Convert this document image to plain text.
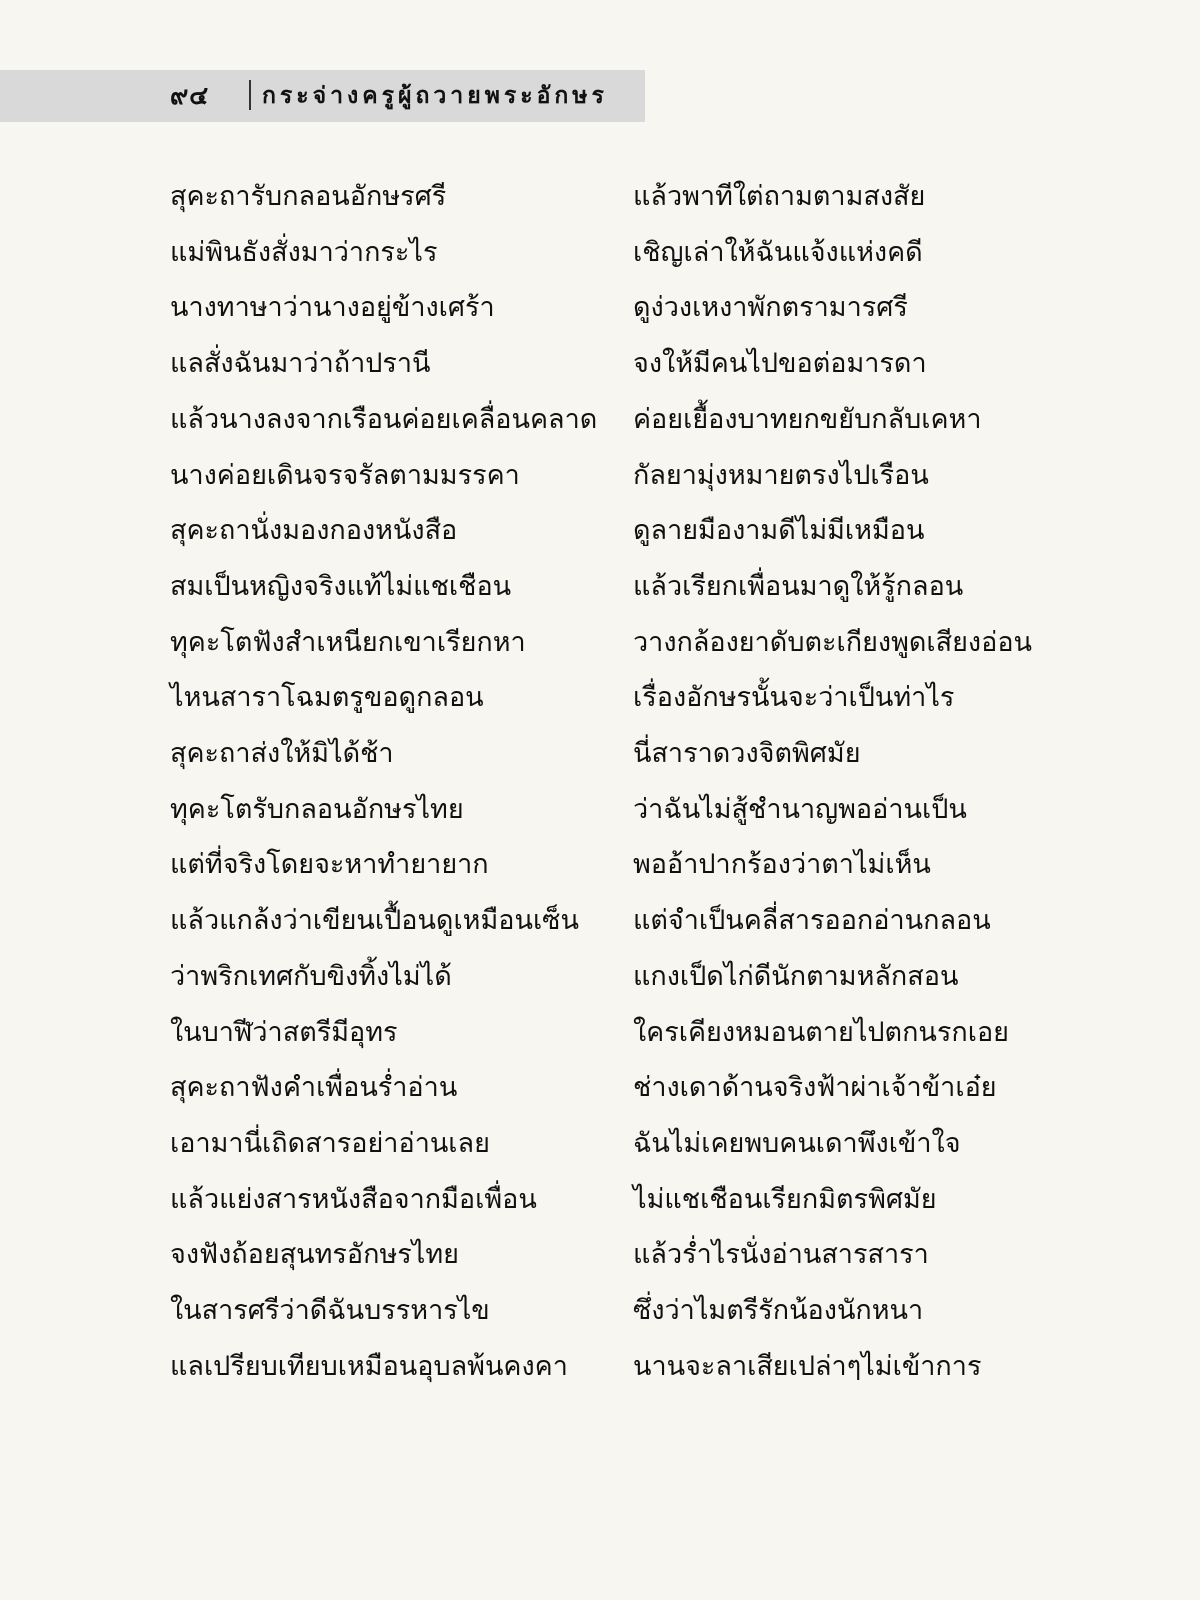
๙๔ กระจ่างครูผู้ถวายพระอักษร
สุคะถารับกลอนอักษรศรี	แล้วพาทีใต่ถามตามสงสัย
แม่พินธังสั่งมาว่ากระไร	เชิญเล่าให้ฉันแจ้งแห่งคดี
นางทาษาว่านางอยู่ข้างเศร้า	ดูง่วงเหงาพักตรามารศรี
แลสั่งฉันมาว่าถ้าปรานี	จงให้มีคนไปขอต่อมารดา
แล้วนางลงจากเรือนค่อยเคลื่อนคลาด ค่อยเยื้องบาทยกขยับกลับเคหา
นางค่อยเดินจรจรัลตามมรรคา	กัลยามุ่งหมายตรงไปเรือน
สุคะถานั่งมองกองหนังสือ	ดูลายมืองามดีไม่มีเหมือน
สมเป็นหญิงจริงแท้ไม่แชเชือน	แล้วเรียกเพื่อนมาดูให้รู้กลอน
ทุคะโตฟังสำเหนียกเขาเรียกหา	วางกล้องยาดับตะเกียงพูดเสียงอ่อน
ไหนสาราโฉมตรูขอดูกลอน	เรื่องอักษรนั้นจะว่าเป็นท่าไร
สุคะถาส่งให้มิได้ช้า	นี่สาราดวงจิตพิศมัย
ทุคะโตรับกลอนอักษรไทย	ว่าฉันไม่สู้ชำนาญพออ่านเป็น
แต่ที่จริงโดยจะหาทำยายาก	พออ้าปากร้องว่าตาไม่เห็น
แล้วแกล้งว่าเขียนเปื้อนดูเหมือนเซ็น แต่จำเป็นคลี่สารออกอ่านกลอน
ว่าพริกเทศกับขิงทิ้งไม่ได้	แกงเป็ดไก่ดีนักตามหลักสอน
ในบาฬีว่าสตรีมีอุทร	ใครเคียงหมอนตายไปตกนรกเอย
สุคะถาฟังคำเพื่อนร่ำอ่าน	ช่างเดาด้านจริงฟ้าผ่าเจ้าข้าเอ๋ย
เอามานี่เถิดสารอย่าอ่านเลย	ฉันไม่เคยพบคนเดาพึงเข้าใจ
แล้วแย่งสารหนังสือจากมือเพื่อน	ไม่แชเชือนเรียกมิตรพิศมัย
จงฟังถ้อยสุนทรอักษรไทย	แล้วร่ำไรนั่งอ่านสารสารา
ในสารศรีว่าดีฉันบรรหารไข	ซึ่งว่าไมตรีรักน้องนักหนา
แลเปรียบเทียบเหมือนอุบลพ้นคงคา นานจะลาเสียเปล่าๆไม่เข้าการ
